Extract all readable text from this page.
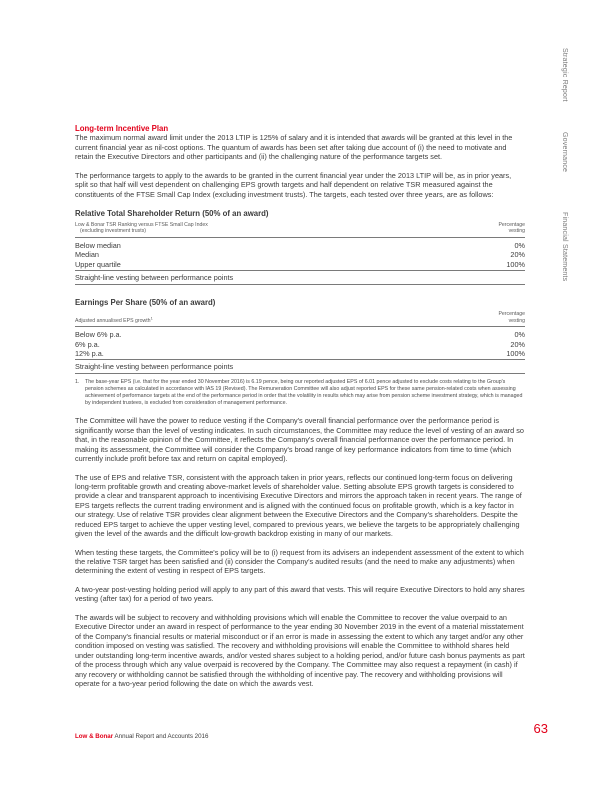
Strategic Report
Governance
Financial Statements
Long-term Incentive Plan

The maximum normal award limit under the 2013 LTIP is 125% of salary and it is intended that awards will be granted at this level in the current financial year as nil-cost options. The quantum of awards has been set after taking due account of (i) the need to motivate and retain the Executive Directors and other participants and (ii) the challenging nature of the performance targets set.

The performance targets to apply to the awards to be granted in the current financial year under the 2013 LTIP will be, as in prior years, split so that half will vest dependent on challenging EPS growth targets and half dependent on relative TSR measured against the constituents of the FTSE Small Cap Index (excluding investment trusts). The targets, each tested over three years, are as follows:

Relative Total Shareholder Return (50% of an award)
Low & Bonar TSR Ranking versus FTSE Small Cap Index
(excluding investment trusts)	Percentage
vesting
Below median	0%
Median	20%
Upper quartile	100%
Straight-line vesting between performance points	
Earnings Per Share (50% of an award)
Adjusted annualised EPS growth$^1$	Percentage
vesting
Below 6% p.a.	0%
6% p.a.	20%
12% p.a.	100%
Straight-line vesting between performance points	

1. The base-year EPS (i.e. that for the year ended 30 November 2016) is 6.19 pence, being our reported adjusted EPS of 6.01 pence adjusted to exclude costs relating to the Group's pension schemes as calculated in accordance with IAS 19 (Revised). The Remuneration Committee will also adjust reported EPS for these same pension-related costs when assessing achievement of performance targets at the end of the performance period in order that the volatility in results which may arise from pension scheme investment strategy, which is managed by independent trustees, is excluded from consideration of management performance.

The Committee will have the power to reduce vesting if the Company's overall financial performance over the performance period is significantly worse than the level of vesting indicates. In such circumstances, the Committee may reduce the level of vesting of an award so that, in the reasonable opinion of the Committee, it reflects the Company's overall financial performance over the performance period. In making its assessment, the Committee will consider the Company's broad range of key performance indicators from time to time (which currently include profit before tax and return on capital employed).

The use of EPS and relative TSR, consistent with the approach taken in prior years, reflects our continued long-term focus on delivering long-term profitable growth and creating above-market levels of shareholder value. Setting absolute EPS growth targets is considered to provide a clear and transparent approach to incentivising Executive Directors and mirrors the approach taken in recent years. The range of EPS targets reflects the current trading environment and is aligned with the continued focus on profitable growth, which is a key factor in our strategy. Use of relative TSR provides clear alignment between the Executive Directors and the Company's shareholders. Despite the reduced EPS target to achieve the upper vesting level, compared to previous years, we believe the targets to be appropriately challenging given the level of the awards and the difficult low-growth backdrop existing in many of our markets.

When testing these targets, the Committee's policy will be to (i) request from its advisers an independent assessment of the extent to which the relative TSR target has been satisfied and (ii) consider the Company's audited results (and the need to make any adjustments) when determining the extent of vesting in respect of EPS targets.

A two-year post-vesting holding period will apply to any part of this award that vests. This will require Executive Directors to hold any shares vesting (after tax) for a period of two years.

The awards will be subject to recovery and withholding provisions which will enable the Committee to recover the value overpaid to an Executive Director under an award in respect of performance to the year ending 30 November 2019 in the event of a material misstatement of the Company's financial results or material misconduct or if an error is made in assessing the extent to which any target and/or any other condition imposed on vesting was satisfied. The recovery and withholding provisions will enable the Committee to withhold shares held under outstanding long-term incentive awards, and/or vested shares subject to a holding period, and/or future cash bonus payments as part of the process through which any value overpaid is recovered by the Company. The Committee may also request a repayment (in cash) if any recovery or withholding cannot be satisfied through the withholding of incentive pay. The recovery and withholding provisions will operate for a two-year period following the date on which the awards vest.

Low & Bonar Annual Report and Accounts 2016
63
